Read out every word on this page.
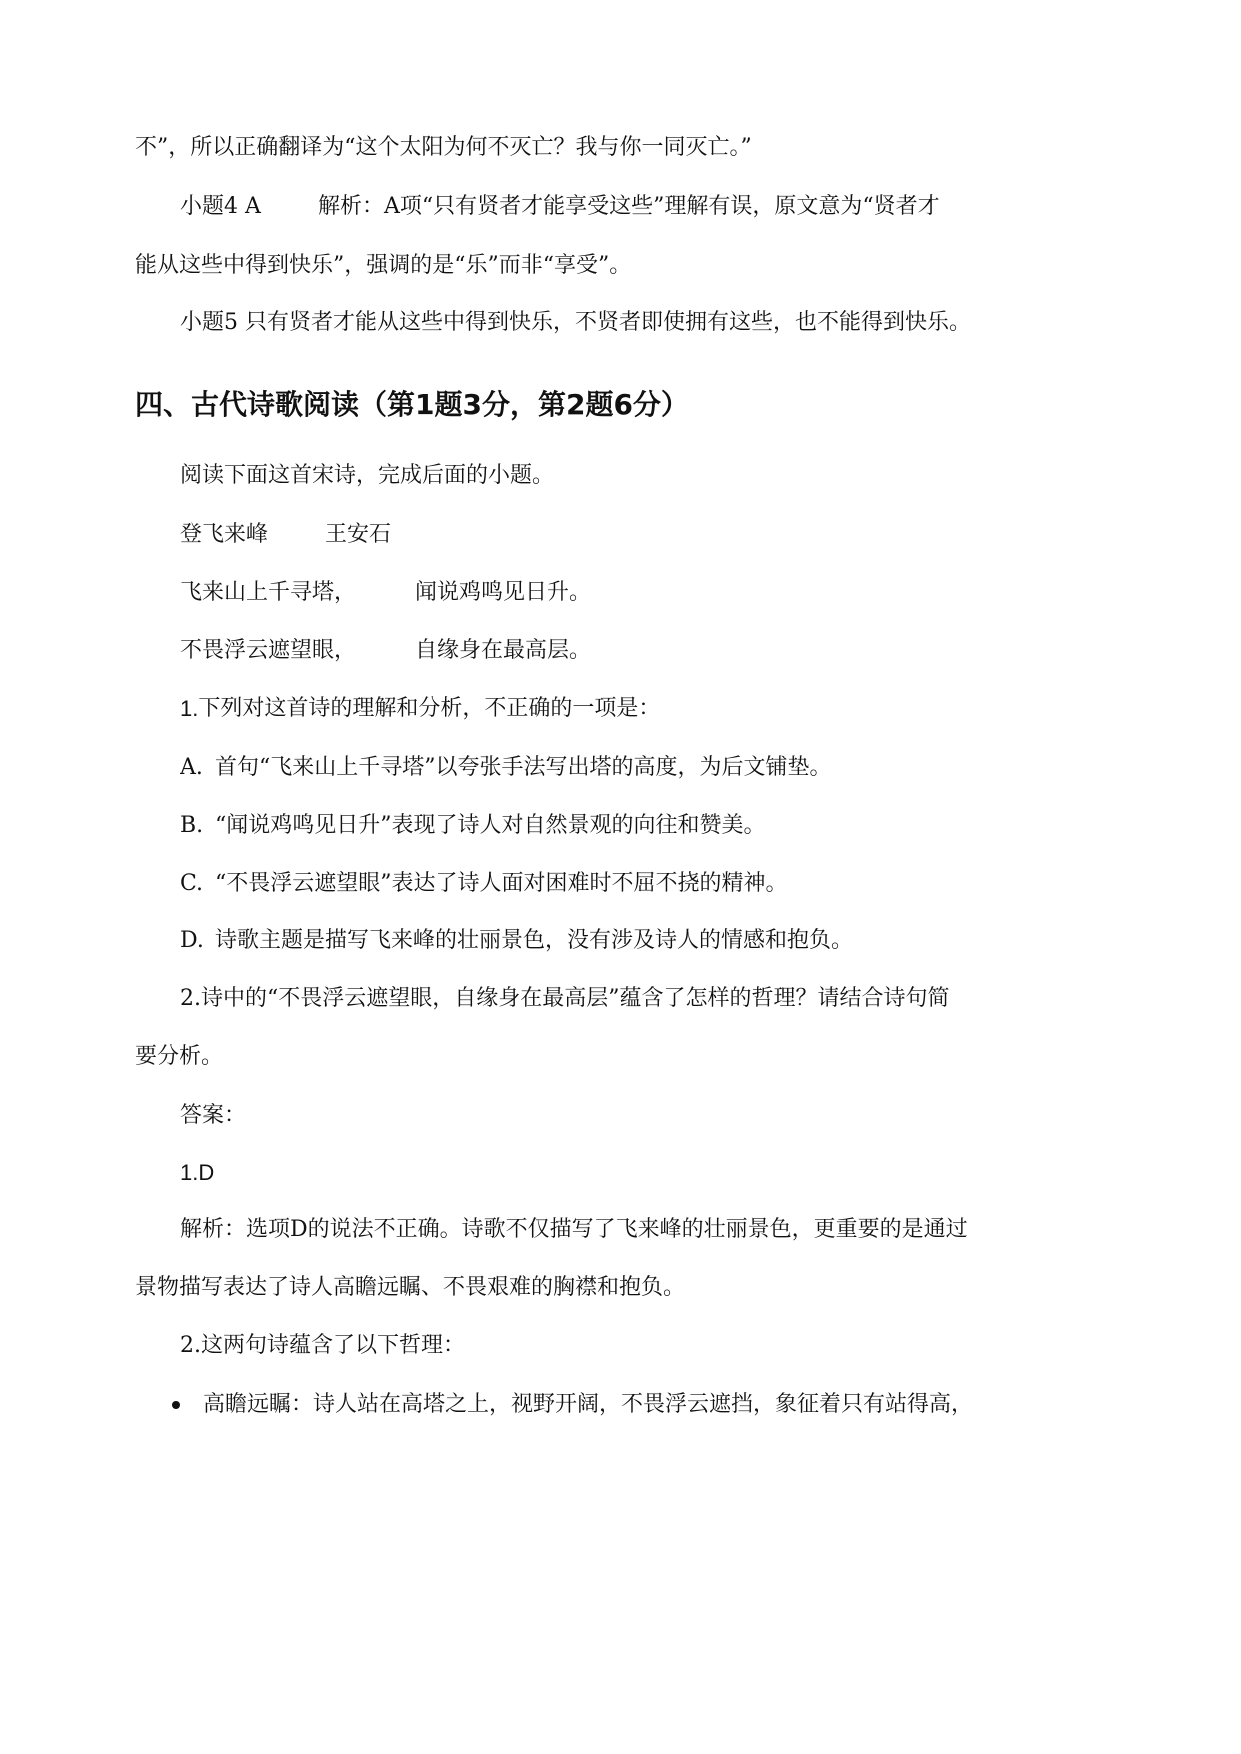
不”，所以正确翻译为“这个太阳为何不灭亡？我与你一同灭亡。”
小题4 A	解析：A项“只有贤者才能享受这些”理解有误，原文意为“贤者才
能从这些中得到快乐”，强调的是“乐”而非“享受”。
小题5 只有贤者才能从这些中得到快乐，不贤者即使拥有这些，也不能得到快乐。
四、古代诗歌阅读（第1题3分，第2题6分）
阅读下面这首宋诗，完成后面的小题。
登飞来峰	王安石
飞来山上千寻塔，	闻说鸡鸣见日升。
不畏浮云遮望眼，	自缘身在最高层。
1.下列对这首诗的理解和分析，不正确的一项是：
A. 首句“飞来山上千寻塔”以夸张手法写出塔的高度，为后文铺垫。
B. “闻说鸡鸣见日升”表现了诗人对自然景观的向往和赞美。
C. “不畏浮云遮望眼”表达了诗人面对困难时不屈不挠的精神。
D. 诗歌主题是描写飞来峰的壮丽景色，没有涉及诗人的情感和抱负。
2.诗中的“不畏浮云遮望眼，自缘身在最高层”蕴含了怎样的哲理？请结合诗句简
要分析。
答案：
1.D
解析：选项D的说法不正确。诗歌不仅描写了飞来峰的壮丽景色，更重要的是通过
景物描写表达了诗人高瞻远瞩、不畏艰难的胸襟和抱负。
2.这两句诗蕴含了以下哲理：
高瞻远瞩：诗人站在高塔之上，视野开阔，不畏浮云遮挡，象征着只有站得高，
